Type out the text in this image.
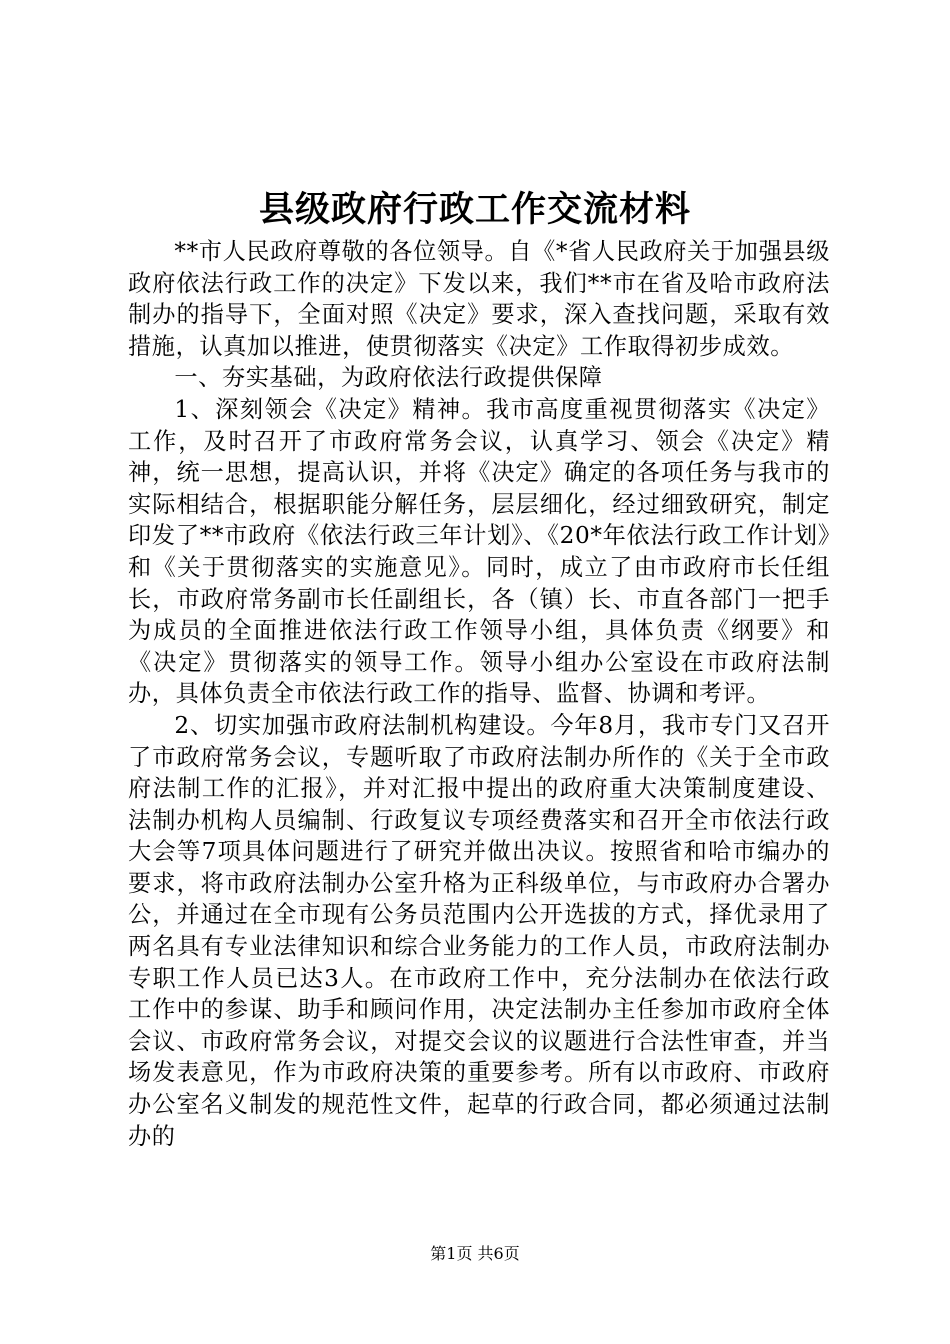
县级政府行政工作交流材料

**市人民政府尊敬的各位领导。自《*省人民政府关于加强县级政府依法行政工作的决定》下发以来，我们**市在省及哈市政府法制办的指导下，全面对照《决定》要求，深入查找问题，采取有效措施，认真加以推进，使贯彻落实《决定》工作取得初步成效。

一、夯实基础，为政府依法行政提供保障

1、深刻领会《决定》精神。我市高度重视贯彻落实《决定》工作，及时召开了市政府常务会议，认真学习、领会《决定》精神，统一思想，提高认识，并将《决定》确定的各项任务与我市的实际相结合，根据职能分解任务，层层细化，经过细致研究，制定印发了**市政府《依法行政三年计划》、《20*年依法行政工作计划》和《关于贯彻落实的实施意见》。同时，成立了由市政府市长任组长，市政府常务副市长任副组长，各（镇）长、市直各部门一把手为成员的全面推进依法行政工作领导小组，具体负责《纲要》和《决定》贯彻落实的领导工作。领导小组办公室设在市政府法制办，具体负责全市依法行政工作的指导、监督、协调和考评。

2、切实加强市政府法制机构建设。今年8月，我市专门又召开了市政府常务会议，专题听取了市政府法制办所作的《关于全市政府法制工作的汇报》，并对汇报中提出的政府重大决策制度建设、法制办机构人员编制、行政复议专项经费落实和召开全市依法行政大会等7项具体问题进行了研究并做出决议。按照省和哈市编办的要求，将市政府法制办公室升格为正科级单位，与市政府办合署办公，并通过在全市现有公务员范围内公开选拔的方式，择优录用了两名具有专业法律知识和综合业务能力的工作人员，市政府法制办专职工作人员已达3人。在市政府工作中，充分法制办在依法行政工作中的参谋、助手和顾问作用，决定法制办主任参加市政府全体会议、市政府常务会议，对提交会议的议题进行合法性审查，并当场发表意见，作为市政府决策的重要参考。所有以市政府、市政府办公室名义制发的规范性文件，起草的行政合同，都必须通过法制办的

第1页 共6页
